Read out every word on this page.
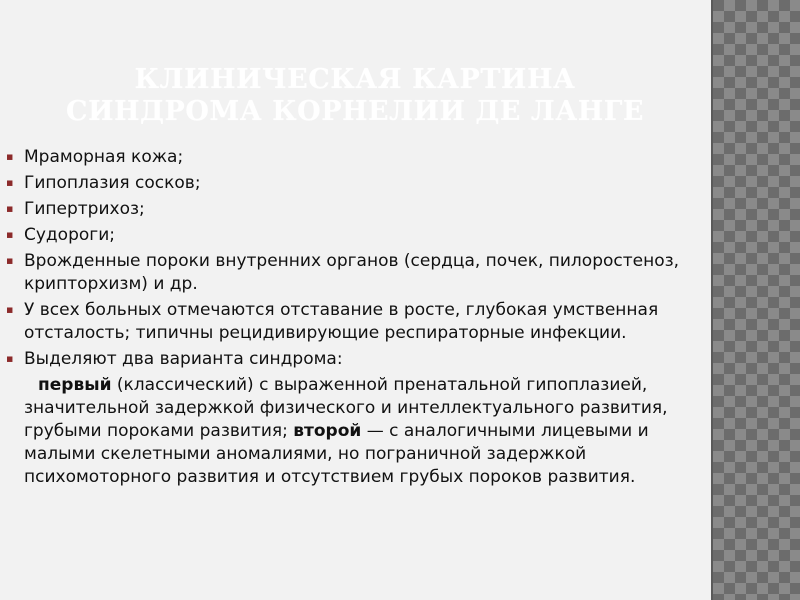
КЛИНИЧЕСКАЯ КАРТИНА
СИНДРОМА КОРНЕЛИИ ДЕ ЛАНГЕ
▪ Мраморная кожа;
▪ Гипоплазия сосков;
▪ Гипертрихоз;
▪ Судороги;
▪ Врожденные пороки внутренних органов (сердца, почек, пилоростеноз, крипторхизм) и др.
▪ У всех больных отмечаются отставание в росте, глубокая умственная отсталость; типичны рецидивирующие респираторные инфекции.
▪ Выделяют два варианта синдрома:
первый (классический) с выраженной пренатальной гипоплазией, значительной задержкой физического и интеллектуального развития, грубыми пороками развития; второй — с аналогичными лицевыми и малыми скелетными аномалиями, но пограничной задержкой психомоторного развития и отсутствием грубых пороков развития.
